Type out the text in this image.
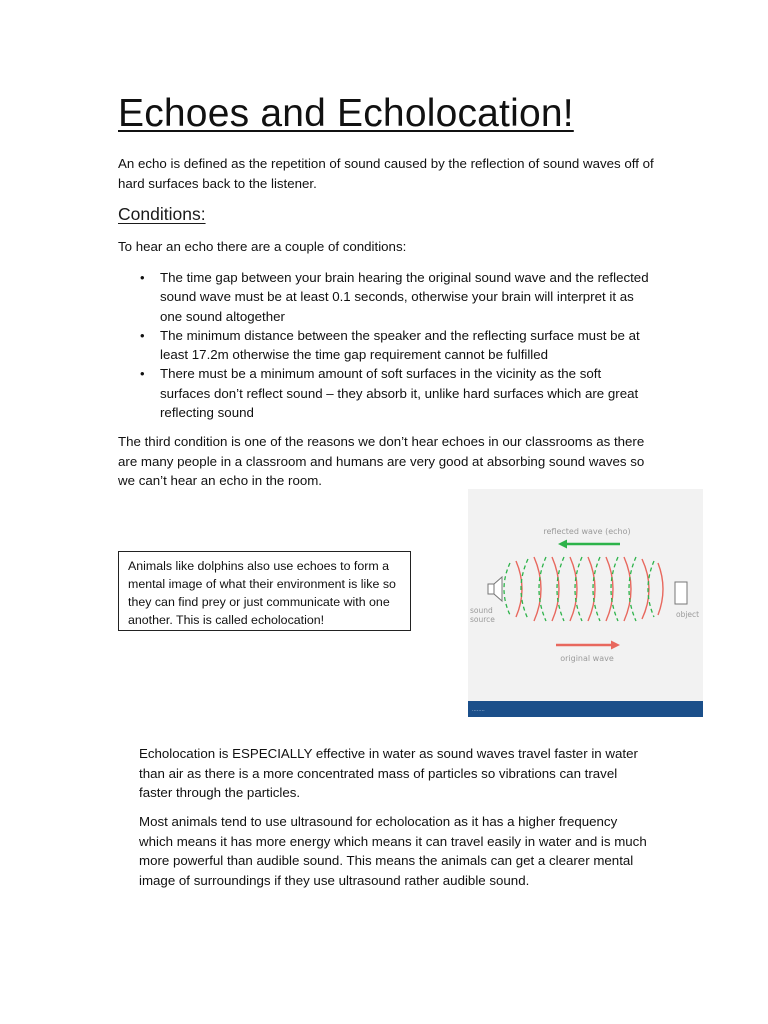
Echoes and Echolocation!

An echo is defined as the repetition of sound caused by the reflection of sound waves off of hard surfaces back to the listener.

Conditions:

To hear an echo there are a couple of conditions:

• The time gap between your brain hearing the original sound wave and the reflected sound wave must be at least 0.1 seconds, otherwise your brain will interpret it as one sound altogether
• The minimum distance between the speaker and the reflecting surface must be at least 17.2m otherwise the time gap requirement cannot be fulfilled
• There must be a minimum amount of soft surfaces in the vicinity as the soft surfaces don’t reflect sound – they absorb it, unlike hard surfaces which are great reflecting sound

The third condition is one of the reasons we don’t hear echoes in our classrooms as there are many people in a classroom and humans are very good at absorbing sound waves so we can’t hear an echo in the room.

Animals like dolphins also use echoes to form a mental image of what their environment is like so they can find prey or just communicate with one another. This is called echolocation!

········
reflected wave (echo)
sound
source
object
original wave

Echolocation is ESPECIALLY effective in water as sound waves travel faster in water than air as there is a more concentrated mass of particles so vibrations can travel faster through the particles.

Most animals tend to use ultrasound for echolocation as it has a higher frequency which means it has more energy which means it can travel easily in water and is much more powerful than audible sound. This means the animals can get a clearer mental image of surroundings if they use ultrasound rather audible sound.
